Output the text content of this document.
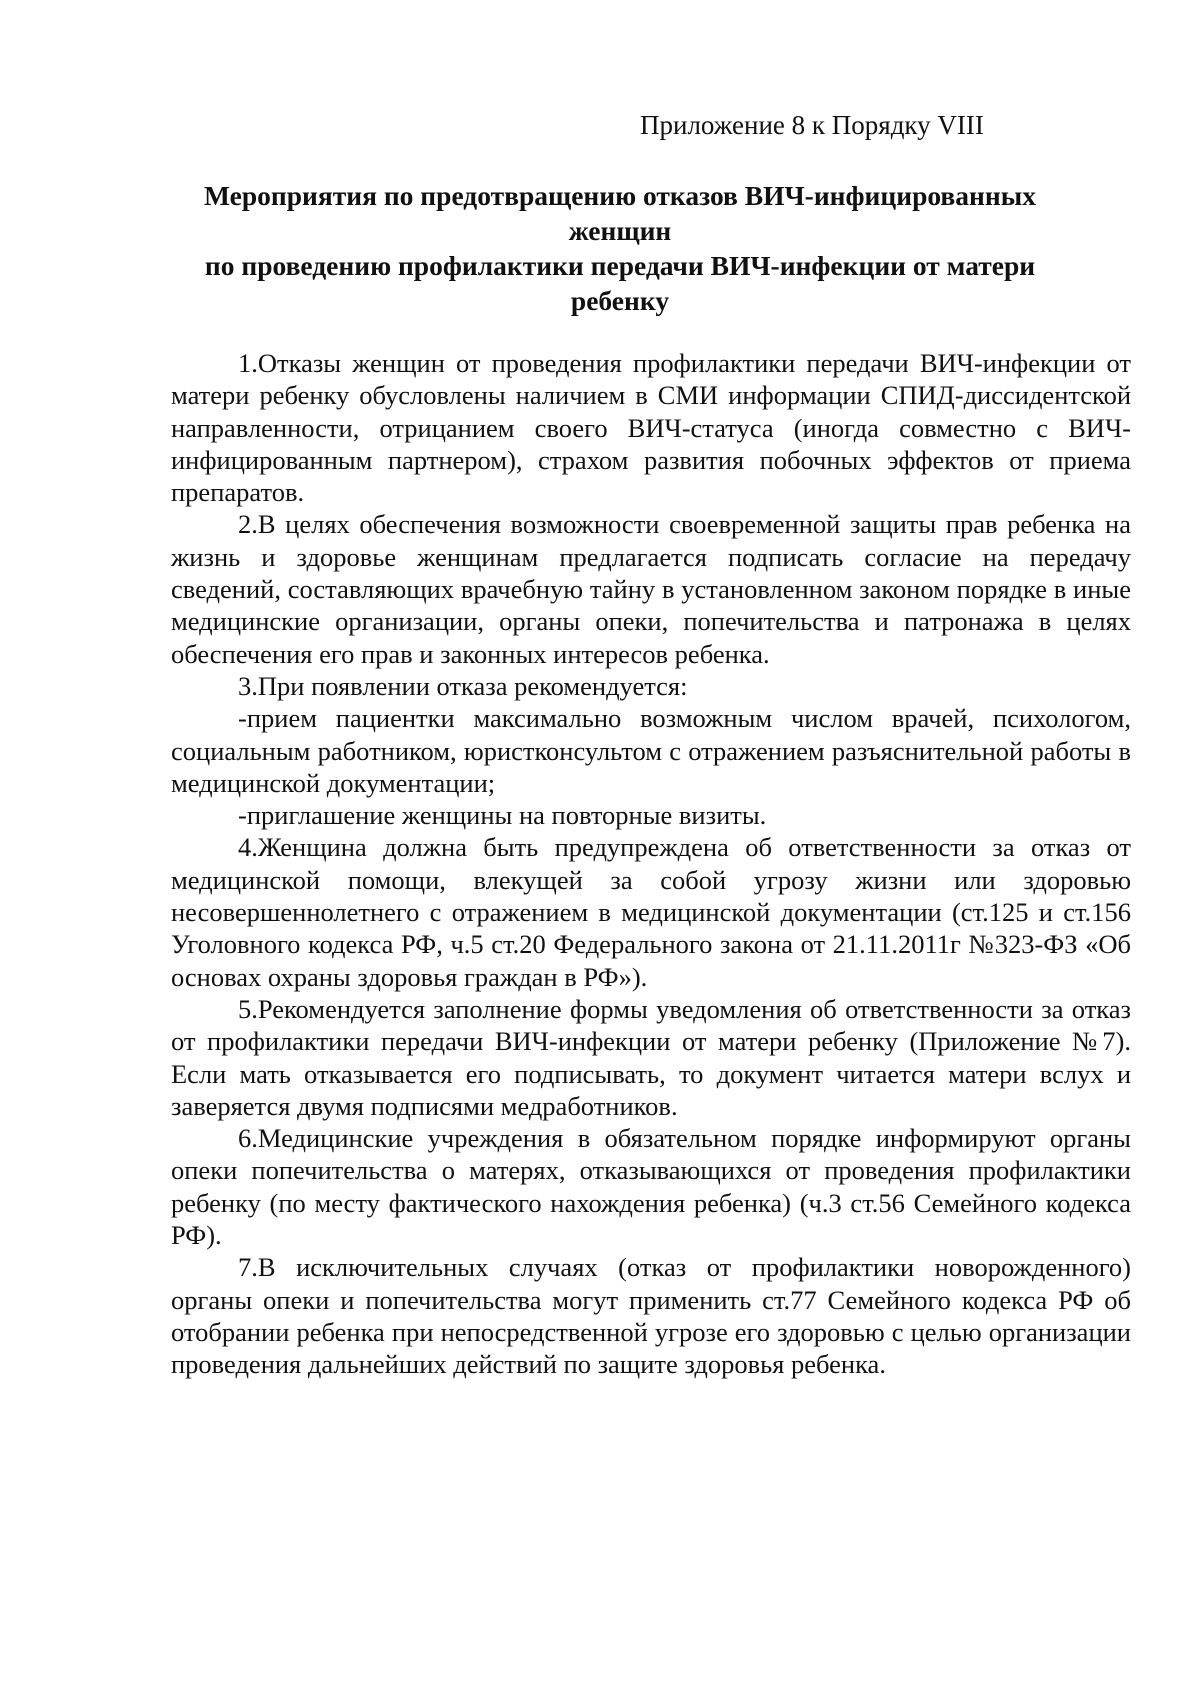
Приложение 8 к Порядку VIII
Мероприятия по предотвращению отказов ВИЧ-инфицированных
женщин
по проведению профилактики передачи ВИЧ-инфекции от матери
ребенку

1.Отказы женщин от проведения профилактики передачи ВИЧ-инфекции от матери ребенку обусловлены наличием в СМИ информации СПИД-диссидентской направленности, отрицанием своего ВИЧ-статуса (иногда совместно с ВИЧ-инфицированным партнером), страхом развития побочных эффектов от приема препаратов.

2.В целях обеспечения возможности своевременной защиты прав ребенка на жизнь и здоровье женщинам предлагается подписать согласие на передачу сведений, составляющих врачебную тайну в установленном законом порядке в иные медицинские организации, органы опеки, попечительства и патронажа в целях обеспечения его прав и законных интересов ребенка.

3.При появлении отказа рекомендуется:

-прием пациентки максимально возможным числом врачей, психологом, социальным работником, юристконсультом с отражением разъяснительной работы в медицинской документации;

-приглашение женщины на повторные визиты.

4.Женщина должна быть предупреждена об ответственности за отказ от медицинской помощи, влекущей за собой угрозу жизни или здоровью несовершеннолетнего с отражением в медицинской документации (ст.125 и ст.156 Уголовного кодекса РФ, ч.5 ст.20 Федерального закона от 21.11.2011г №323-ФЗ «Об основах охраны здоровья граждан в РФ»).

5.Рекомендуется заполнение формы уведомления об ответственности за отказ от профилактики передачи ВИЧ-инфекции от матери ребенку (Приложение №7). Если мать отказывается его подписывать, то документ читается матери вслух и заверяется двумя подписями медработников.

6.Медицинские учреждения в обязательном порядке информируют органы опеки попечительства о матерях, отказывающихся от проведения профилактики ребенку (по месту фактического нахождения ребенка) (ч.3 ст.56 Семейного кодекса РФ).

7.В исключительных случаях (отказ от профилактики новорожденного) органы опеки и попечительства могут применить ст.77 Семейного кодекса РФ об отобрании ребенка при непосредственной угрозе его здоровью с целью организации проведения дальнейших действий по защите здоровья ребенка.
